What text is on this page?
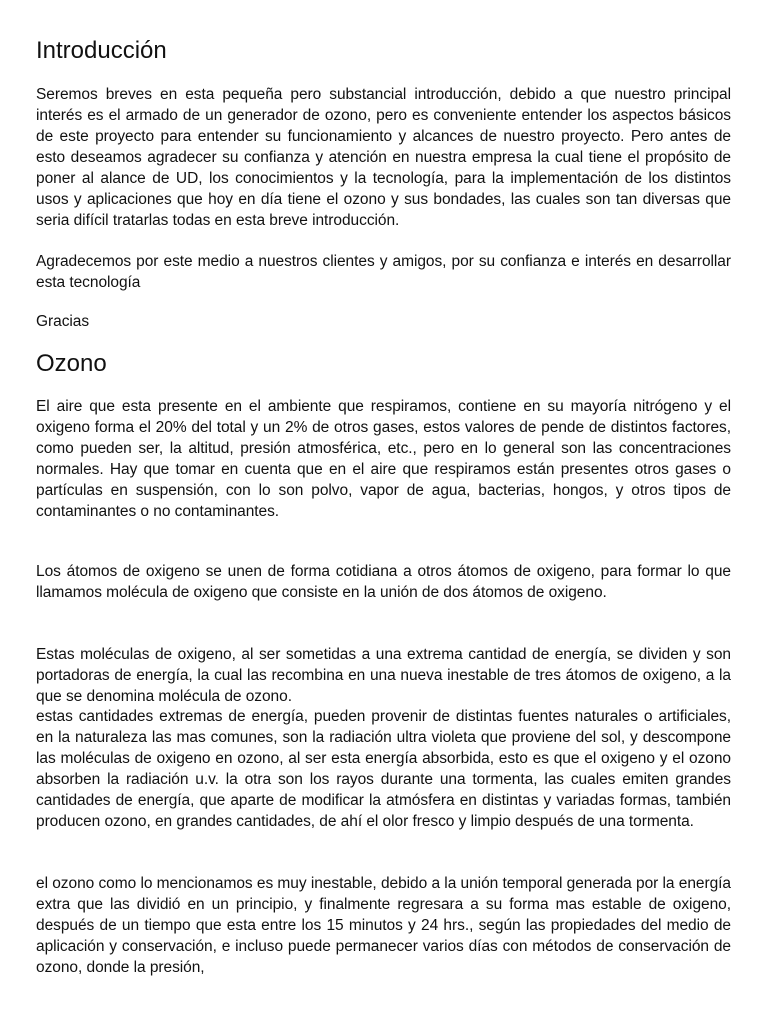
Introducción

Seremos breves en esta pequeña pero substancial introducción, debido a que nuestro principal interés es el armado de un generador de ozono, pero es conveniente entender los aspectos básicos de este proyecto para entender su funcionamiento y alcances de nuestro proyecto. Pero antes de esto deseamos agradecer su confianza y atención en nuestra empresa la cual tiene el propósito de poner al alance de UD, los conocimientos y la tecnología, para la implementación de los distintos usos y aplicaciones que hoy en día tiene el ozono y sus bondades, las cuales son tan diversas que seria difícil tratarlas todas en esta breve introducción.

Agradecemos por este medio a nuestros clientes y amigos, por su confianza e interés en desarrollar esta tecnología

Gracias

Ozono

El aire que esta presente en el ambiente que respiramos, contiene en su mayoría nitrógeno y el oxigeno forma el 20% del total y un 2% de otros gases, estos valores de pende de distintos factores, como pueden ser, la altitud, presión atmosférica, etc., pero en lo general son las concentraciones normales. Hay que tomar en cuenta que en el aire que respiramos están presentes otros gases o partículas en suspensión, con lo son polvo, vapor de agua, bacterias, hongos, y otros tipos de contaminantes o no contaminantes.

Los átomos de oxigeno se unen de forma cotidiana a otros átomos de oxigeno, para formar lo que llamamos molécula de oxigeno que consiste en la unión de dos átomos de oxigeno.

Estas moléculas de oxigeno, al ser sometidas a una extrema cantidad de energía, se dividen y son portadoras de energía, la cual las recombina en una nueva inestable de tres átomos de oxigeno, a la que se denomina molécula de ozono.

estas cantidades extremas de energía, pueden provenir de distintas fuentes naturales o artificiales, en la naturaleza las mas comunes, son la radiación ultra violeta que proviene del sol, y descompone las moléculas de oxigeno en ozono, al ser esta energía absorbida, esto es que el oxigeno y el ozono absorben la radiación u.v. la otra son los rayos durante una tormenta, las cuales emiten grandes cantidades de energía, que aparte de modificar la atmósfera en distintas y variadas formas, también producen ozono, en grandes cantidades, de ahí el olor fresco y limpio después de una tormenta.

el ozono como lo mencionamos es muy inestable, debido a la unión temporal generada por la energía extra que las dividió en un principio, y finalmente regresara a su forma mas estable de oxigeno, después de un tiempo que esta entre los 15 minutos y 24 hrs., según las propiedades del medio de aplicación y conservación, e incluso puede permanecer varios días con métodos de conservación de ozono, donde la presión,
